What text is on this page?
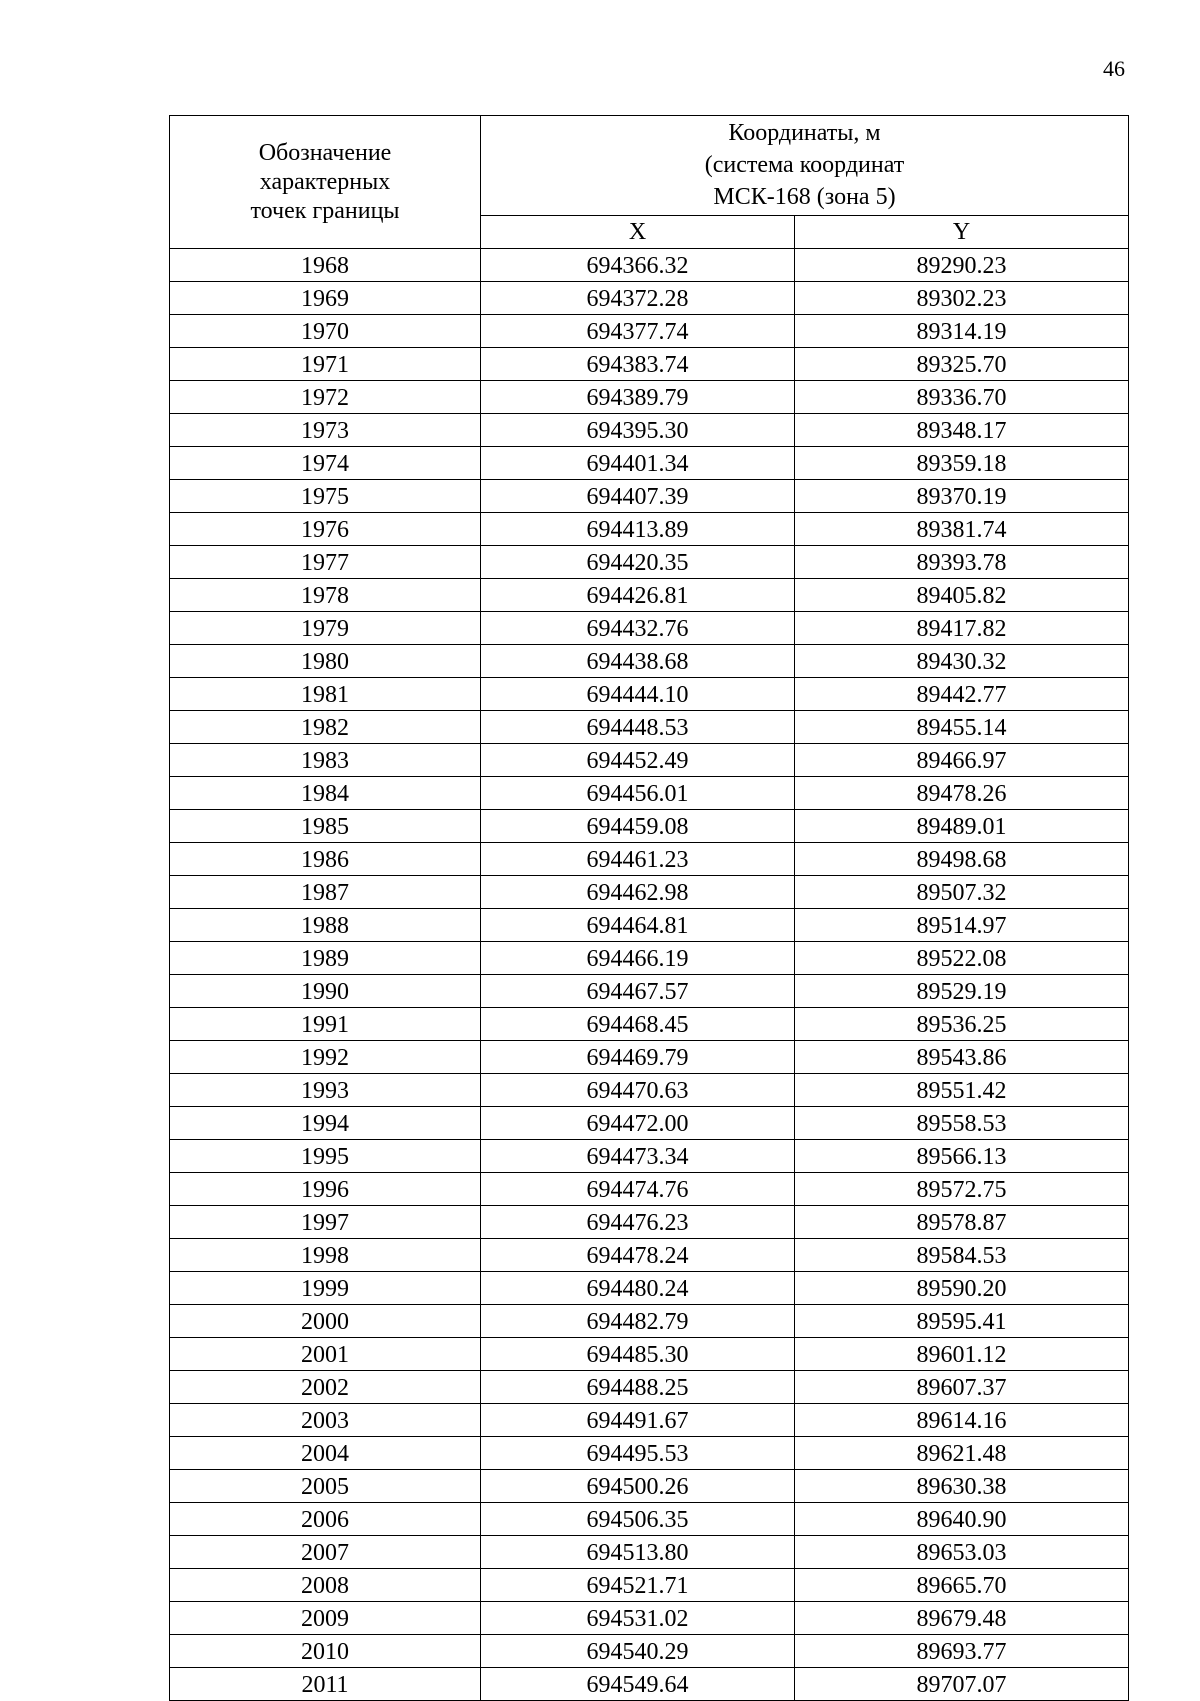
46
Обозначение
характерных
точек границы	Координаты, м
(система координат
МСК-168 (зона 5)	

	X	Y
1968	694366.32	89290.23
1969	694372.28	89302.23
1970	694377.74	89314.19
1971	694383.74	89325.70
1972	694389.79	89336.70
1973	694395.30	89348.17
1974	694401.34	89359.18
1975	694407.39	89370.19
1976	694413.89	89381.74
1977	694420.35	89393.78
1978	694426.81	89405.82
1979	694432.76	89417.82
1980	694438.68	89430.32
1981	694444.10	89442.77
1982	694448.53	89455.14
1983	694452.49	89466.97
1984	694456.01	89478.26
1985	694459.08	89489.01
1986	694461.23	89498.68
1987	694462.98	89507.32
1988	694464.81	89514.97
1989	694466.19	89522.08
1990	694467.57	89529.19
1991	694468.45	89536.25
1992	694469.79	89543.86
1993	694470.63	89551.42
1994	694472.00	89558.53
1995	694473.34	89566.13
1996	694474.76	89572.75
1997	694476.23	89578.87
1998	694478.24	89584.53
1999	694480.24	89590.20
2000	694482.79	89595.41
2001	694485.30	89601.12
2002	694488.25	89607.37
2003	694491.67	89614.16
2004	694495.53	89621.48
2005	694500.26	89630.38
2006	694506.35	89640.90
2007	694513.80	89653.03
2008	694521.71	89665.70
2009	694531.02	89679.48
2010	694540.29	89693.77
2011	694549.64	89707.07
